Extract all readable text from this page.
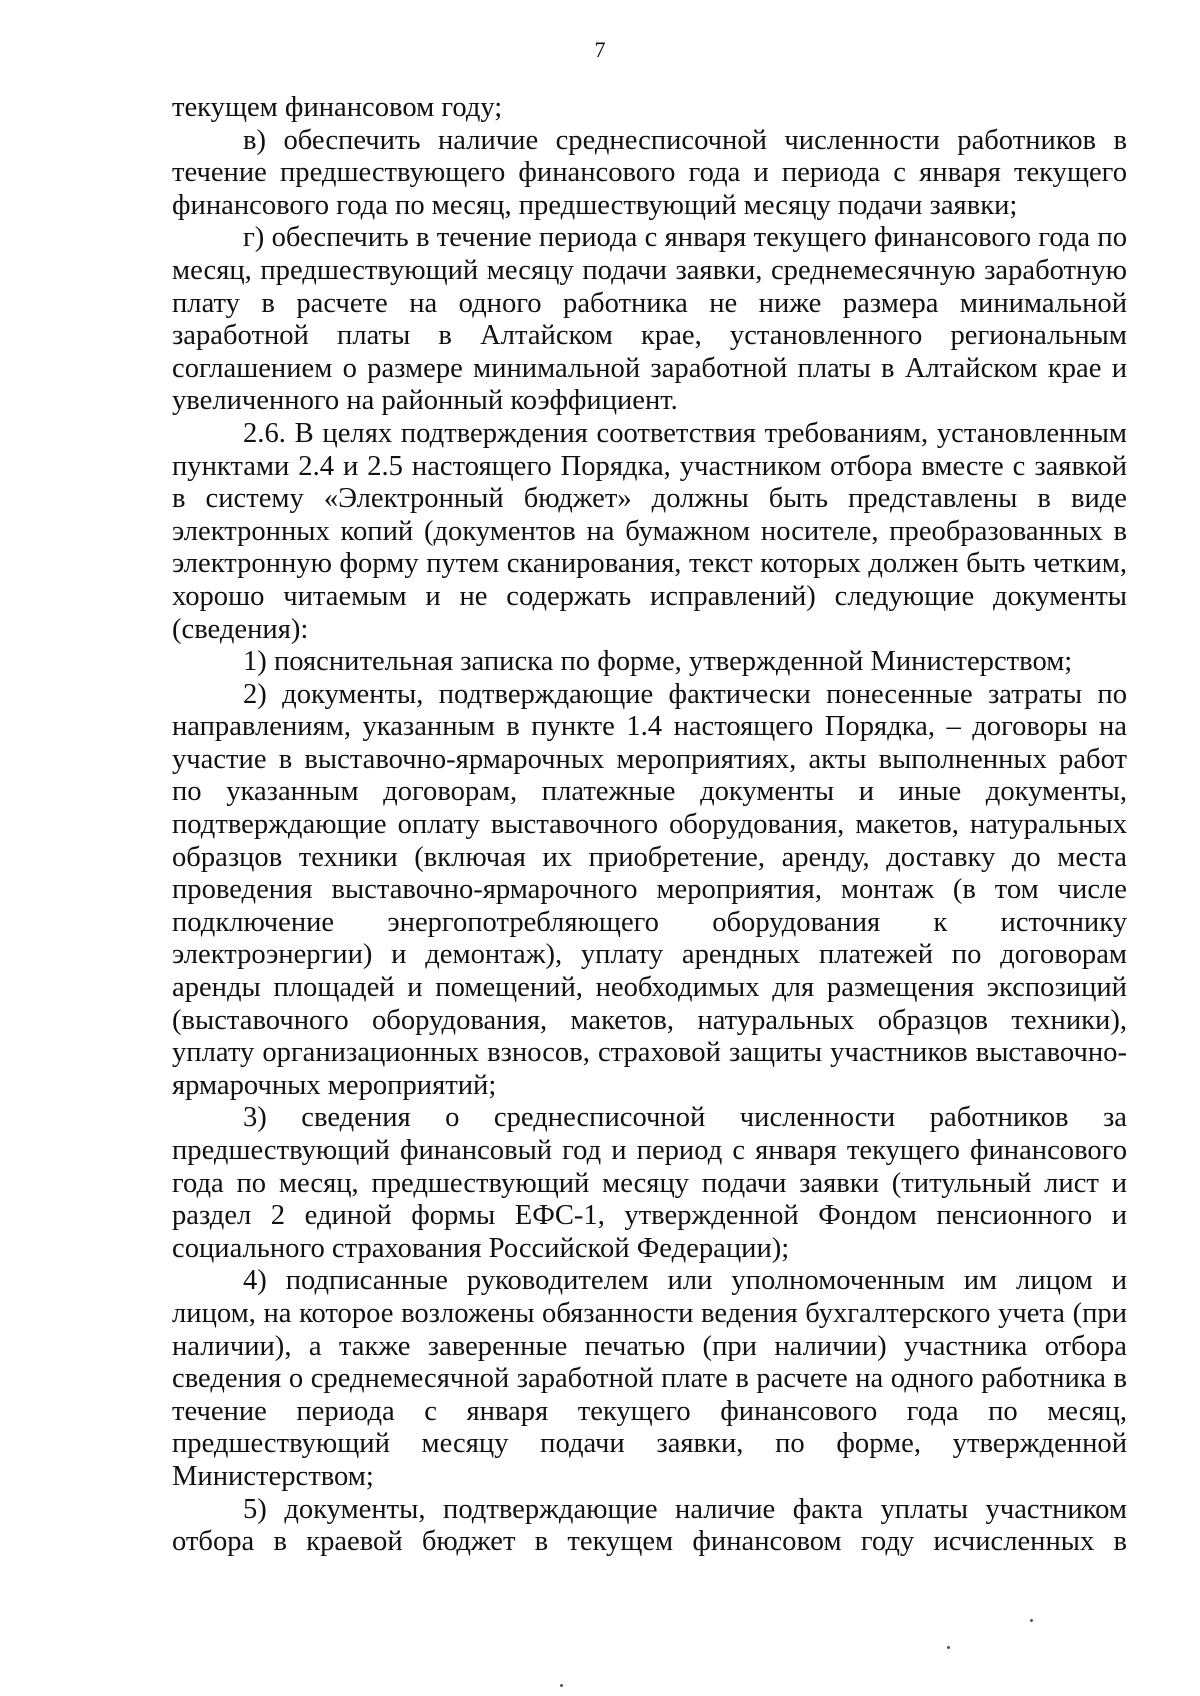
7

текущем финансовом году;

в) обеспечить наличие среднесписочной численности работников в течение предшествующего финансового года и периода с января текущего финансового года по месяц, предшествующий месяцу подачи заявки;

г) обеспечить в течение периода с января текущего финансового года по месяц, предшествующий месяцу подачи заявки, среднемесячную заработную плату в расчете на одного работника не ниже размера минимальной заработной платы в Алтайском крае, установленного региональным соглашением о размере минимальной заработной платы в Алтайском крае и увеличенного на районный коэффициент.

2.6. В целях подтверждения соответствия требованиям, установленным пунктами 2.4 и 2.5 настоящего Порядка, участником отбора вместе с заявкой в систему «Электронный бюджет» должны быть представлены в виде электронных копий (документов на бумажном носителе, преобразованных в электронную форму путем сканирования, текст которых должен быть четким, хорошо читаемым и не содержать исправлений) следующие документы (сведения):

1) пояснительная записка по форме, утвержденной Министерством;

2) документы, подтверждающие фактически понесенные затраты по направлениям, указанным в пункте 1.4 настоящего Порядка, – договоры на участие в выставочно-ярмарочных мероприятиях, акты выполненных работ по указанным договорам, платежные документы и иные документы, подтверждающие оплату выставочного оборудования, макетов, натуральных образцов техники (включая их приобретение, аренду, доставку до места проведения выставочно-ярмарочного мероприятия, монтаж (в том числе подключение энергопотребляющего оборудования к источнику электроэнергии) и демонтаж), уплату арендных платежей по договорам аренды площадей и помещений, необходимых для размещения экспозиций (выставочного оборудования, макетов, натуральных образцов техники), уплату организационных взносов, страховой защиты участников выставочно-ярмарочных мероприятий;

3) сведения о среднесписочной численности работников за предшествующий финансовый год и период с января текущего финансового года по месяц, предшествующий месяцу подачи заявки (титульный лист и раздел 2 единой формы ЕФС-1, утвержденной Фондом пенсионного и социального страхования Российской Федерации);

4) подписанные руководителем или уполномоченным им лицом и лицом, на которое возложены обязанности ведения бухгалтерского учета (при наличии), а также заверенные печатью (при наличии) участника отбора сведения о среднемесячной заработной плате в расчете на одного работника в течение периода с января текущего финансового года по месяц, предшествующий месяцу подачи заявки, по форме, утвержденной Министерством;

5) документы, подтверждающие наличие факта уплаты участником отбора в краевой бюджет в текущем финансовом году исчисленных в
